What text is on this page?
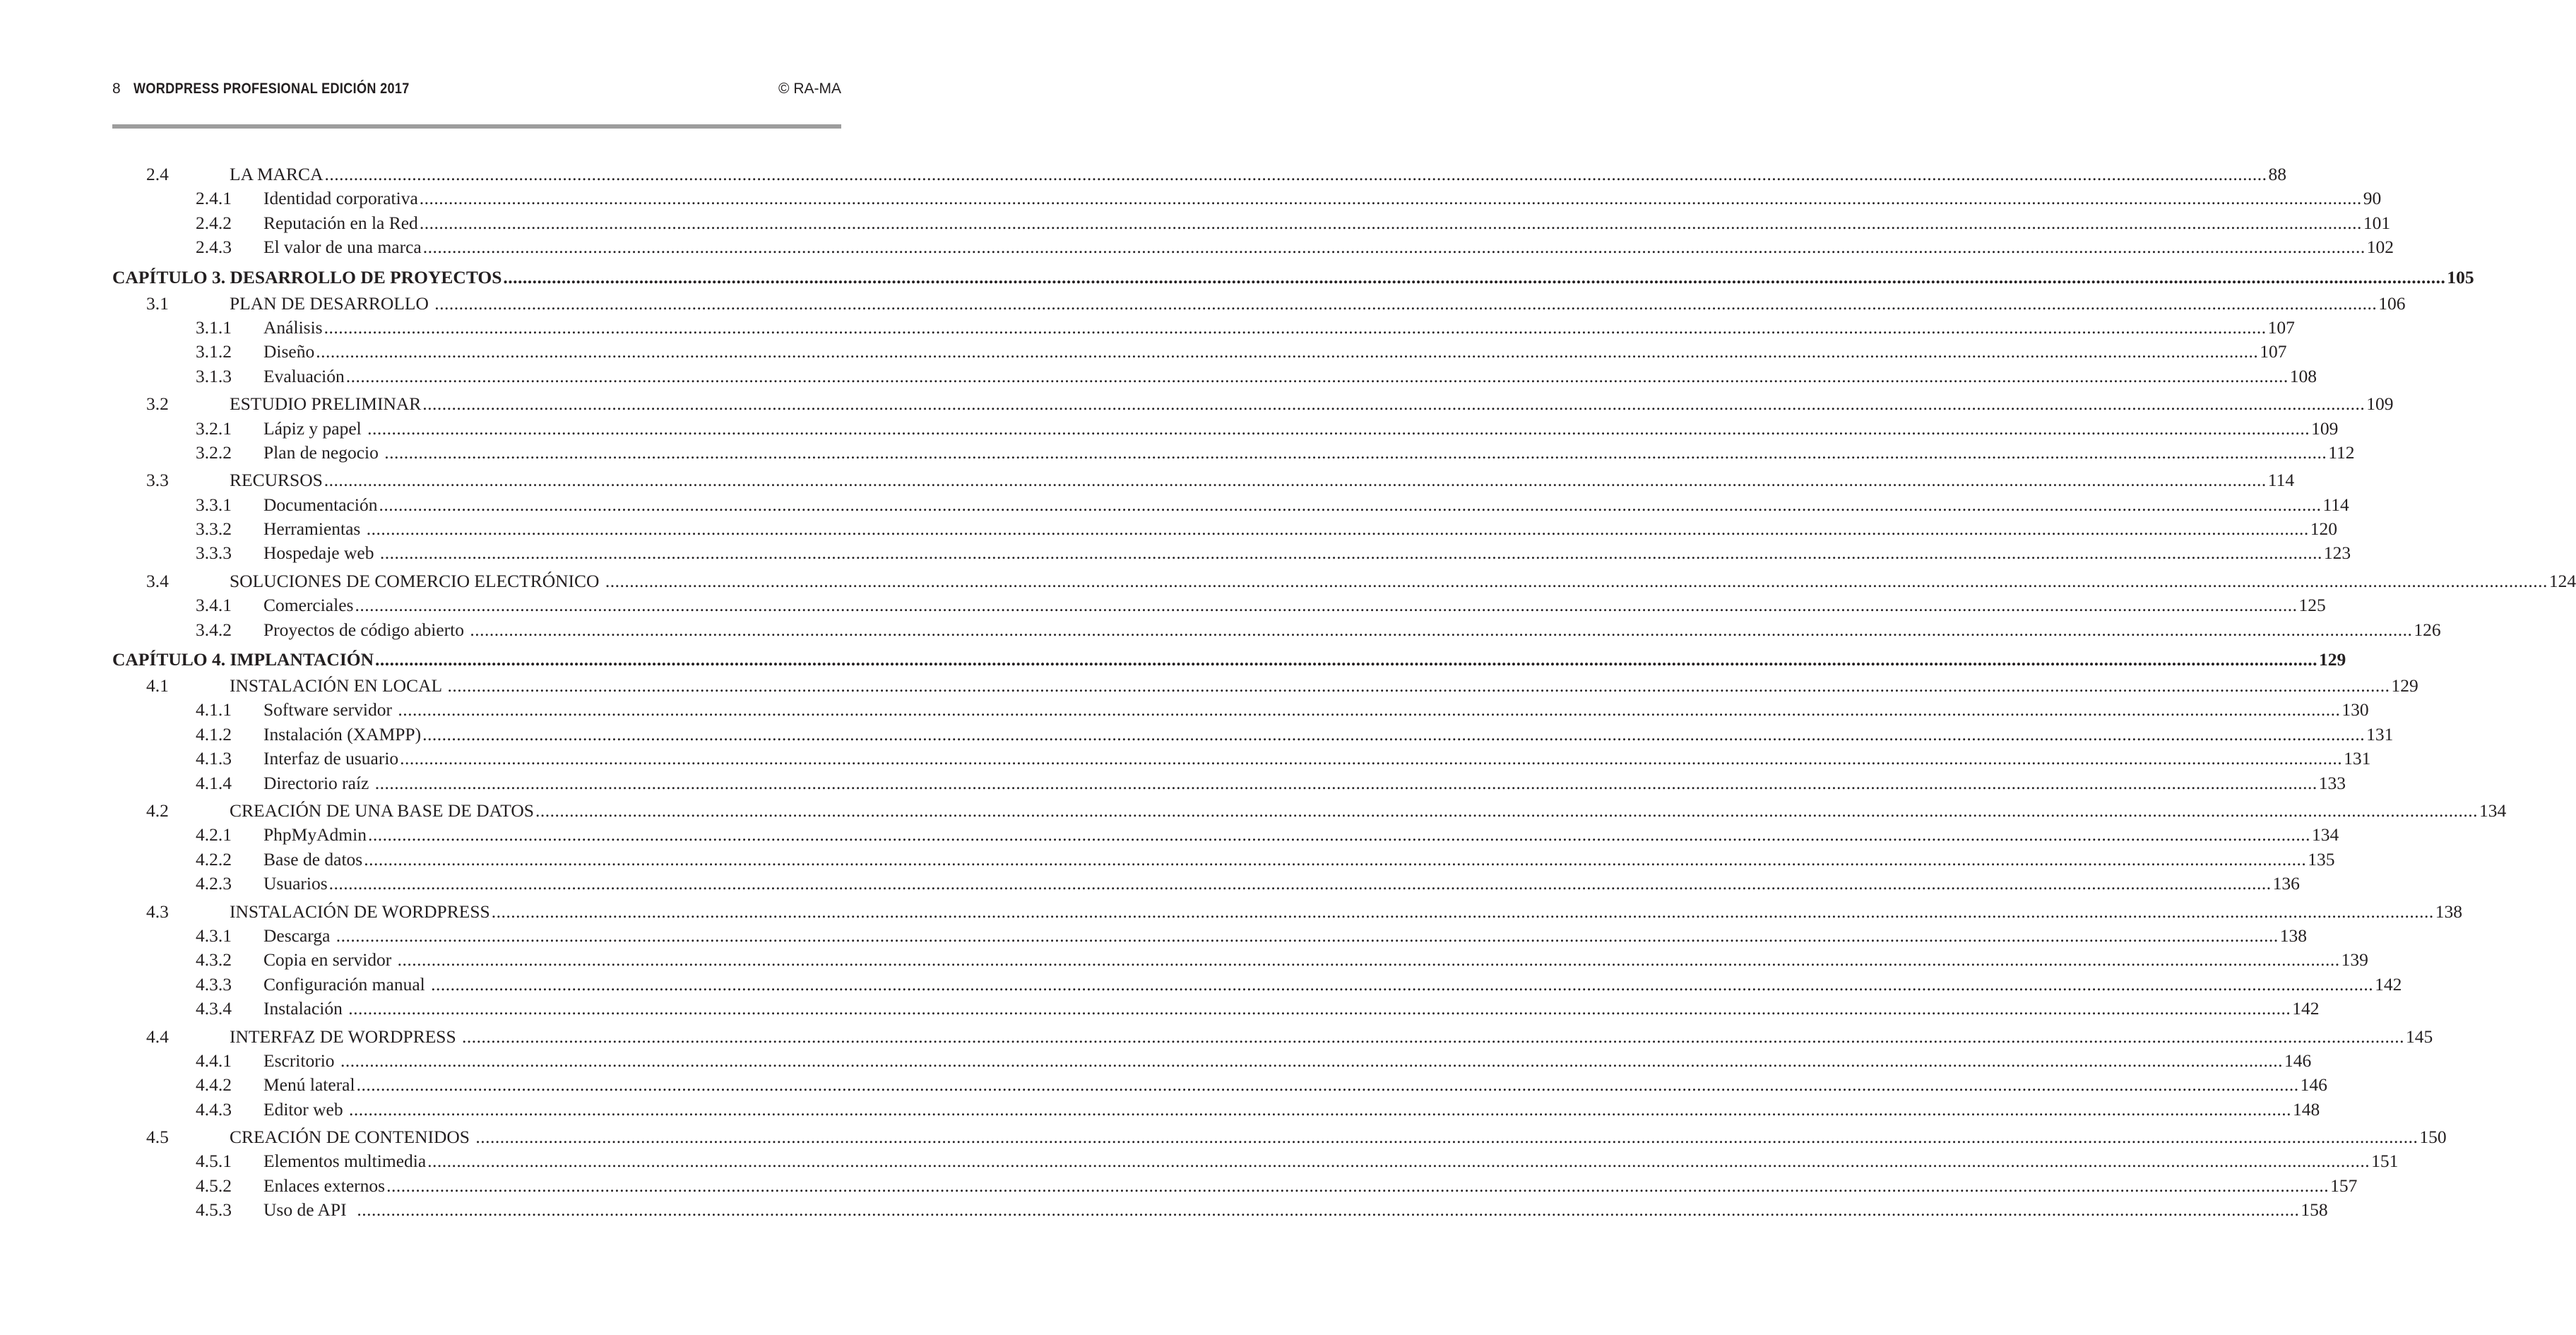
8 WORDPRESS PROFESIONAL EDICIÓN 2017	© RA-MA
2.4	LA MARCA ................................................................................................................................................................................................................................................................................................................................................................................................................ 88
2.4.1	Identidad corporativa ................................................................................................................................................................................................................................................................................................................................................................................................................ 90
2.4.2	Reputación en la Red ................................................................................................................................................................................................................................................................................................................................................................................................................ 101
2.4.3	El valor de una marca ................................................................................................................................................................................................................................................................................................................................................................................................................ 102
CAPÍTULO 3. DESARROLLO DE PROYECTOS ................................................................................................................................................................................................................................................................................................................................................................................................................ 105
3.1	PLAN DE DESARROLLO ................................................................................................................................................................................................................................................................................................................................................................................................................ 106
3.1.1	Análisis ................................................................................................................................................................................................................................................................................................................................................................................................................ 107
3.1.2	Diseño ................................................................................................................................................................................................................................................................................................................................................................................................................ 107
3.1.3	Evaluación ................................................................................................................................................................................................................................................................................................................................................................................................................ 108
3.2	ESTUDIO PRELIMINAR ................................................................................................................................................................................................................................................................................................................................................................................................................ 109
3.2.1	Lápiz y papel ................................................................................................................................................................................................................................................................................................................................................................................................................ 109
3.2.2	Plan de negocio ................................................................................................................................................................................................................................................................................................................................................................................................................ 112
3.3	RECURSOS ................................................................................................................................................................................................................................................................................................................................................................................................................ 114
3.3.1	Documentación ................................................................................................................................................................................................................................................................................................................................................................................................................ 114
3.3.2	Herramientas ................................................................................................................................................................................................................................................................................................................................................................................................................ 120
3.3.3	Hospedaje web ................................................................................................................................................................................................................................................................................................................................................................................................................ 123
3.4	SOLUCIONES DE COMERCIO ELECTRÓNICO ................................................................................................................................................................................................................................................................................................................................................................................................................ 124
3.4.1	Comerciales ................................................................................................................................................................................................................................................................................................................................................................................................................ 125
3.4.2	Proyectos de código abierto ................................................................................................................................................................................................................................................................................................................................................................................................................ 126
CAPÍTULO 4. IMPLANTACIÓN ................................................................................................................................................................................................................................................................................................................................................................................................................ 129
4.1	INSTALACIÓN EN LOCAL ................................................................................................................................................................................................................................................................................................................................................................................................................ 129
4.1.1	Software servidor ................................................................................................................................................................................................................................................................................................................................................................................................................ 130
4.1.2	Instalación (XAMPP) ................................................................................................................................................................................................................................................................................................................................................................................................................ 131
4.1.3	Interfaz de usuario ................................................................................................................................................................................................................................................................................................................................................................................................................ 131
4.1.4	Directorio raíz ................................................................................................................................................................................................................................................................................................................................................................................................................ 133
4.2	CREACIÓN DE UNA BASE DE DATOS ................................................................................................................................................................................................................................................................................................................................................................................................................ 134
4.2.1	PhpMyAdmin ................................................................................................................................................................................................................................................................................................................................................................................................................ 134
4.2.2	Base de datos ................................................................................................................................................................................................................................................................................................................................................................................................................ 135
4.2.3	Usuarios ................................................................................................................................................................................................................................................................................................................................................................................................................ 136
4.3	INSTALACIÓN DE WORDPRESS ................................................................................................................................................................................................................................................................................................................................................................................................................ 138
4.3.1	Descarga ................................................................................................................................................................................................................................................................................................................................................................................................................ 138
4.3.2	Copia en servidor ................................................................................................................................................................................................................................................................................................................................................................................................................ 139
4.3.3	Configuración manual ................................................................................................................................................................................................................................................................................................................................................................................................................ 142
4.3.4	Instalación ................................................................................................................................................................................................................................................................................................................................................................................................................ 142
4.4	INTERFAZ DE WORDPRESS ................................................................................................................................................................................................................................................................................................................................................................................................................ 145
4.4.1	Escritorio ................................................................................................................................................................................................................................................................................................................................................................................................................ 146
4.4.2	Menú lateral ................................................................................................................................................................................................................................................................................................................................................................................................................ 146
4.4.3	Editor web ................................................................................................................................................................................................................................................................................................................................................................................................................ 148
4.5	CREACIÓN DE CONTENIDOS ................................................................................................................................................................................................................................................................................................................................................................................................................ 150
4.5.1	Elementos multimedia ................................................................................................................................................................................................................................................................................................................................................................................................................ 151
4.5.2	Enlaces externos ................................................................................................................................................................................................................................................................................................................................................................................................................ 157
4.5.3	Uso de API ................................................................................................................................................................................................................................................................................................................................................................................................................ 158
